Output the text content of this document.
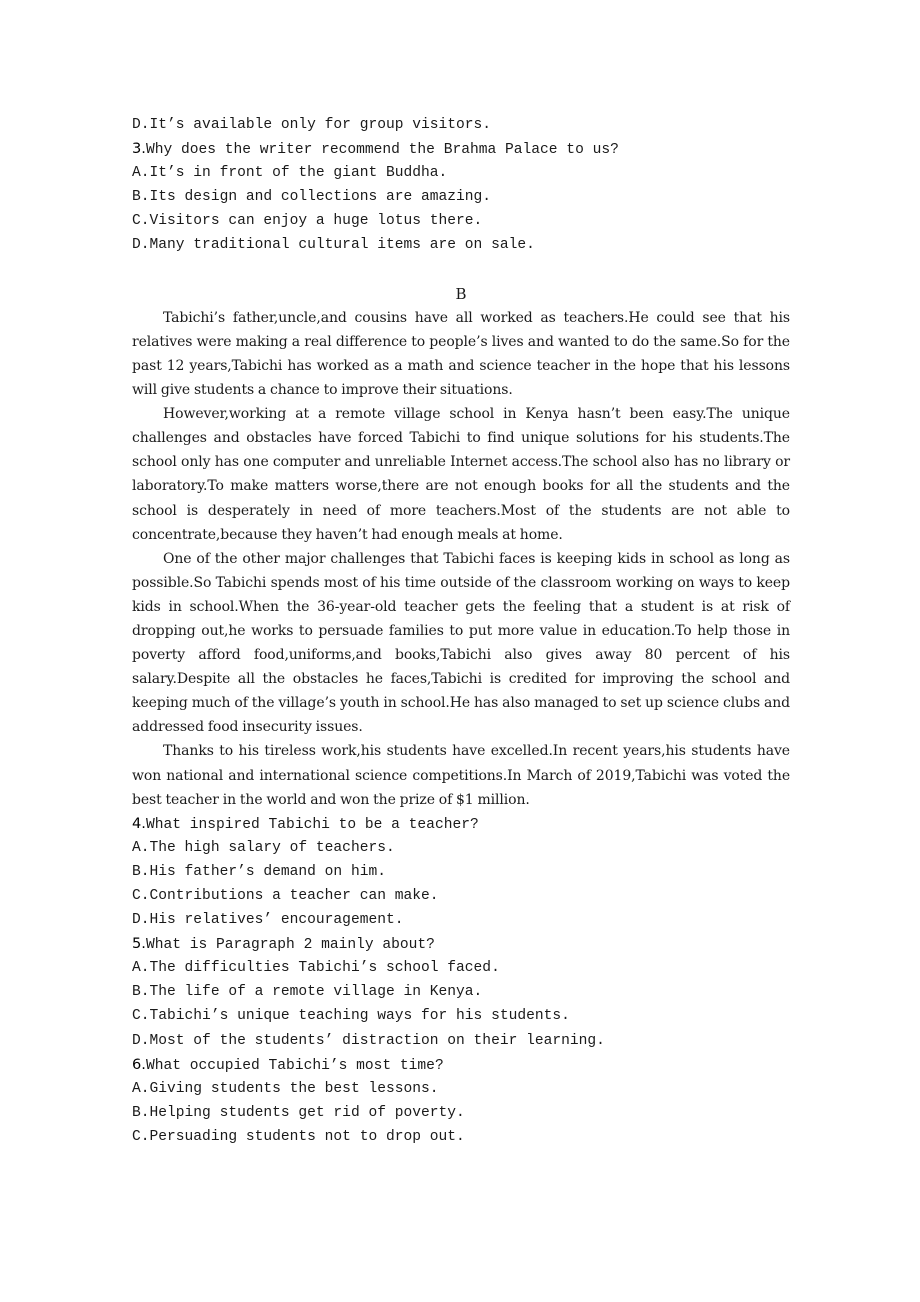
D.It’s available only for group visitors.
3.Why does the writer recommend the Brahma Palace to us?
A.It’s in front of the giant Buddha.
B.Its design and collections are amazing.
C.Visitors can enjoy a huge lotus there.
D.Many traditional cultural items are on sale.
B
Tabichi’s father,uncle,and cousins have all worked as teachers.He could see that his relatives were making a real difference to people’s lives and wanted to do the same.So for the past 12 years,Tabichi has worked as a math and science teacher in the hope that his lessons will give students a chance to improve their situations.
However,working at a remote village school in Kenya hasn’t been easy.The unique challenges and obstacles have forced Tabichi to find unique solutions for his students.The school only has one computer and unreliable Internet access.The school also has no library or laboratory.To make matters worse,there are not enough books for all the students and the school is desperately in need of more teachers.Most of the students are not able to concentrate,because they haven’t had enough meals at home.
One of the other major challenges that Tabichi faces is keeping kids in school as long as possible.So Tabichi spends most of his time outside of the classroom working on ways to keep kids in school.When the 36-year-old teacher gets the feeling that a student is at risk of dropping out,he works to persuade families to put more value in education.To help those in poverty afford food,uniforms,and books,Tabichi also gives away 80 percent of his salary.Despite all the obstacles he faces,Tabichi is credited for improving the school and keeping much of the village’s youth in school.He has also managed to set up science clubs and addressed food insecurity issues.
Thanks to his tireless work,his students have excelled.In recent years,his students have won national and international science competitions.In March of 2019,Tabichi was voted the best teacher in the world and won the prize of $1 million.
4.What inspired Tabichi to be a teacher?
A.The high salary of teachers.
B.His father’s demand on him.
C.Contributions a teacher can make.
D.His relatives’ encouragement.
5.What is Paragraph 2 mainly about?
A.The difficulties Tabichi’s school faced.
B.The life of a remote village in Kenya.
C.Tabichi’s unique teaching ways for his students.
D.Most of the students’ distraction on their learning.
6.What occupied Tabichi’s most time?
A.Giving students the best lessons.
B.Helping students get rid of poverty.
C.Persuading students not to drop out.
